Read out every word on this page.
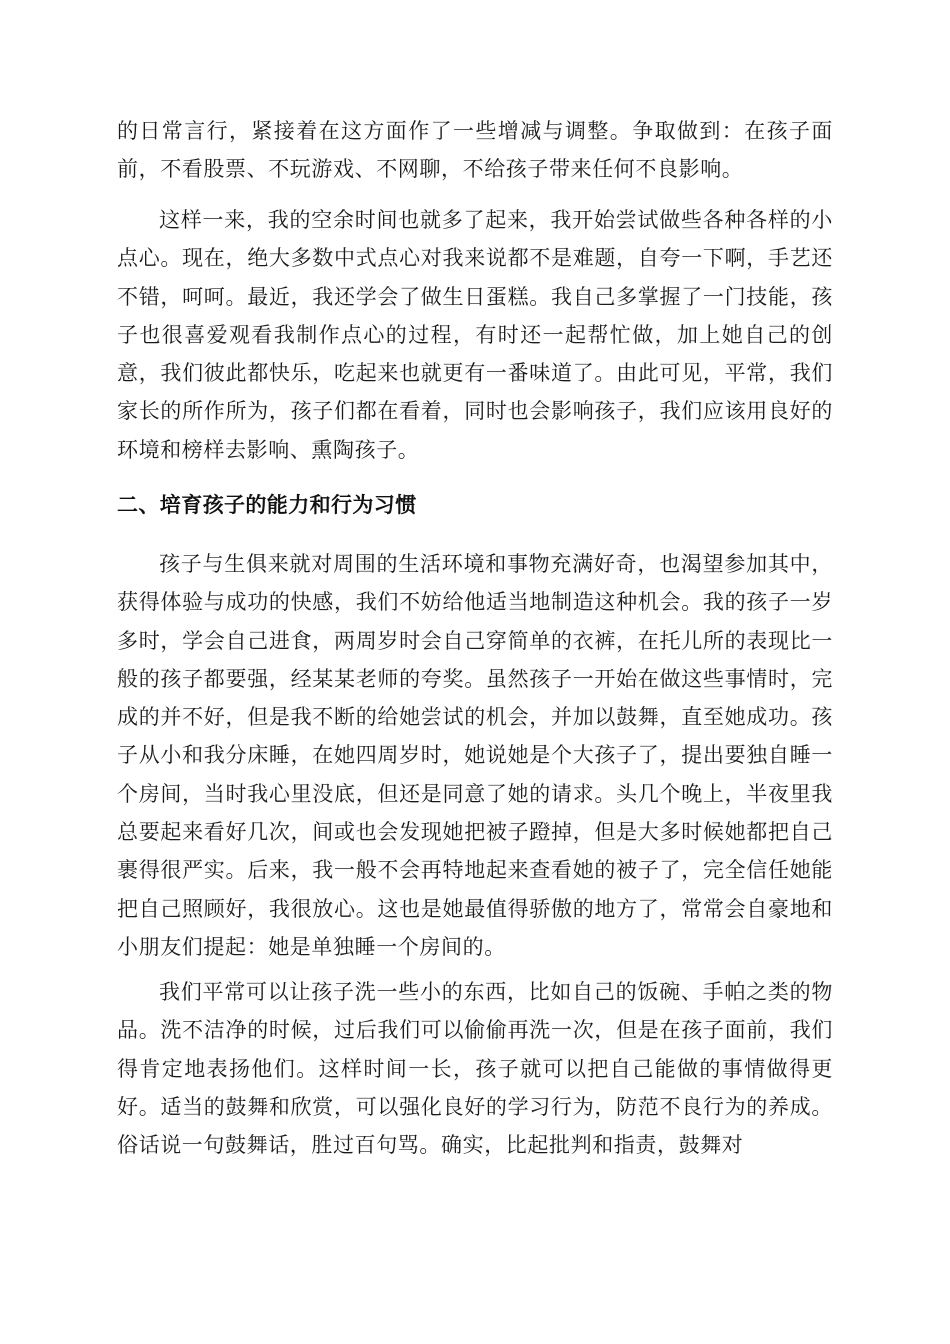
的日常言行，紧接着在这方面作了一些增减与调整。争取做到：在孩子面前，不看股票、不玩游戏、不网聊，不给孩子带来任何不良影响。

这样一来，我的空余时间也就多了起来，我开始尝试做些各种各样的小点心。现在，绝大多数中式点心对我来说都不是难题，自夸一下啊，手艺还不错，呵呵。最近，我还学会了做生日蛋糕。我自己多掌握了一门技能，孩子也很喜爱观看我制作点心的过程，有时还一起帮忙做，加上她自己的创意，我们彼此都快乐，吃起来也就更有一番味道了。由此可见，平常，我们家长的所作所为，孩子们都在看着，同时也会影响孩子，我们应该用良好的环境和榜样去影响、熏陶孩子。

二、培育孩子的能力和行为习惯

孩子与生俱来就对周围的生活环境和事物充满好奇，也渴望参加其中，获得体验与成功的快感，我们不妨给他适当地制造这种机会。我的孩子一岁多时，学会自己进食，两周岁时会自己穿简单的衣裤，在托儿所的表现比一般的孩子都要强，经某某老师的夸奖。虽然孩子一开始在做这些事情时，完成的并不好，但是我不断的给她尝试的机会，并加以鼓舞，直至她成功。孩子从小和我分床睡，在她四周岁时，她说她是个大孩子了，提出要独自睡一个房间，当时我心里没底，但还是同意了她的请求。头几个晚上，半夜里我总要起来看好几次，间或也会发现她把被子蹬掉，但是大多时候她都把自己裹得很严实。后来，我一般不会再特地起来查看她的被子了，完全信任她能把自己照顾好，我很放心。这也是她最值得骄傲的地方了，常常会自豪地和小朋友们提起：她是单独睡一个房间的。

我们平常可以让孩子洗一些小的东西，比如自己的饭碗、手帕之类的物品。洗不洁净的时候，过后我们可以偷偷再洗一次，但是在孩子面前，我们得肯定地表扬他们。这样时间一长，孩子就可以把自己能做的事情做得更好。适当的鼓舞和欣赏，可以强化良好的学习行为，防范不良行为的养成。俗话说一句鼓舞话，胜过百句骂。确实，比起批判和指责，鼓舞对
